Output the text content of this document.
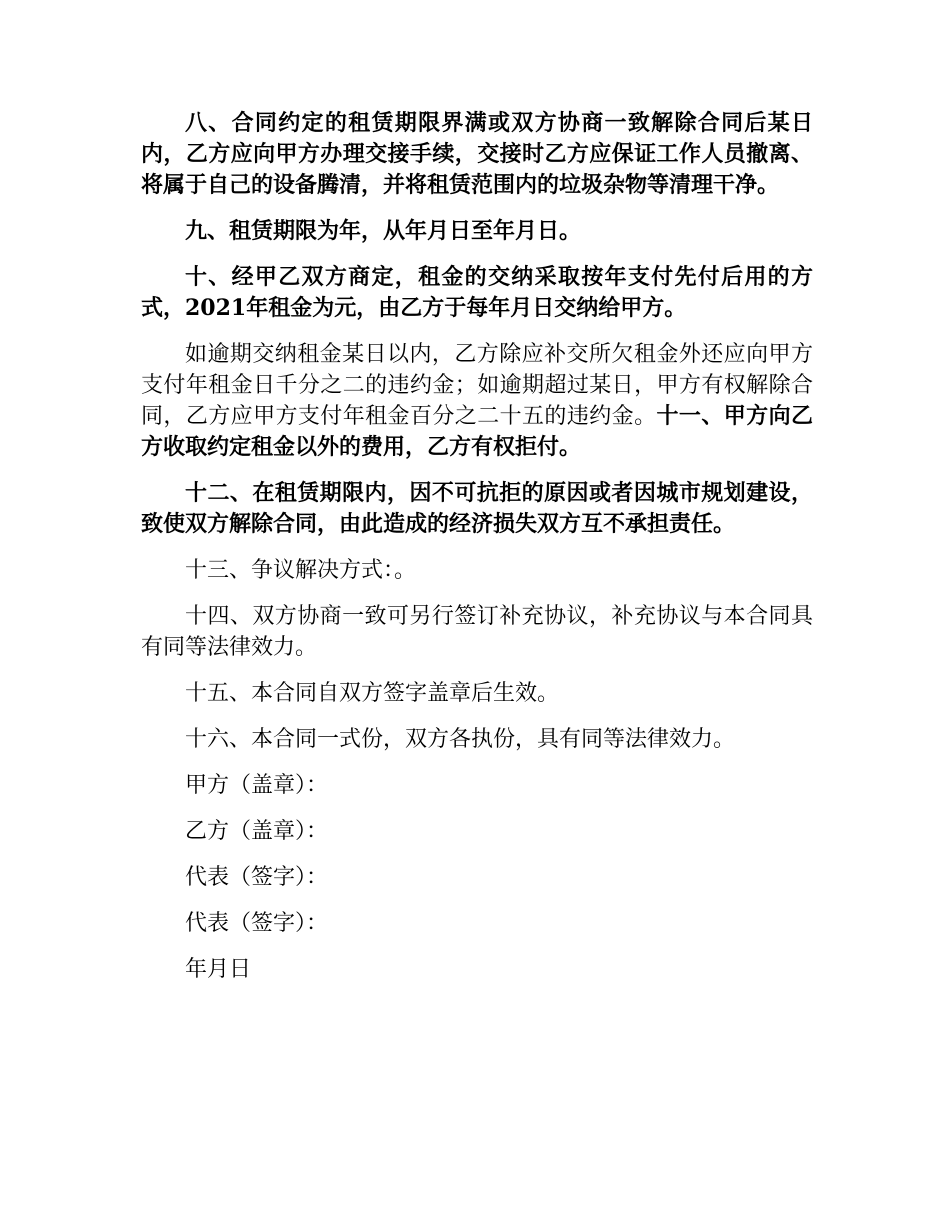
八、合同约定的租赁期限界满或双方协商一致解除合同后某日内，乙方应向甲方办理交接手续，交接时乙方应保证工作人员撤离、将属于自己的设备腾清，并将租赁范围内的垃圾杂物等清理干净。

九、租赁期限为年，从年月日至年月日。

十、经甲乙双方商定，租金的交纳采取按年支付先付后用的方式，2021年租金为元，由乙方于每年月日交纳给甲方。

如逾期交纳租金某日以内，乙方除应补交所欠租金外还应向甲方支付年租金日千分之二的违约金；如逾期超过某日，甲方有权解除合同，乙方应甲方支付年租金百分之二十五的违约金。十一、甲方向乙方收取约定租金以外的费用，乙方有权拒付。

十二、在租赁期限内，因不可抗拒的原因或者因城市规划建设，致使双方解除合同，由此造成的经济损失双方互不承担责任。

十三、争议解决方式：。

十四、双方协商一致可另行签订补充协议，补充协议与本合同具有同等法律效力。

十五、本合同自双方签字盖章后生效。

十六、本合同一式份，双方各执份，具有同等法律效力。

甲方（盖章）：

乙方（盖章）：

代表（签字）：

代表（签字）：

年月日
